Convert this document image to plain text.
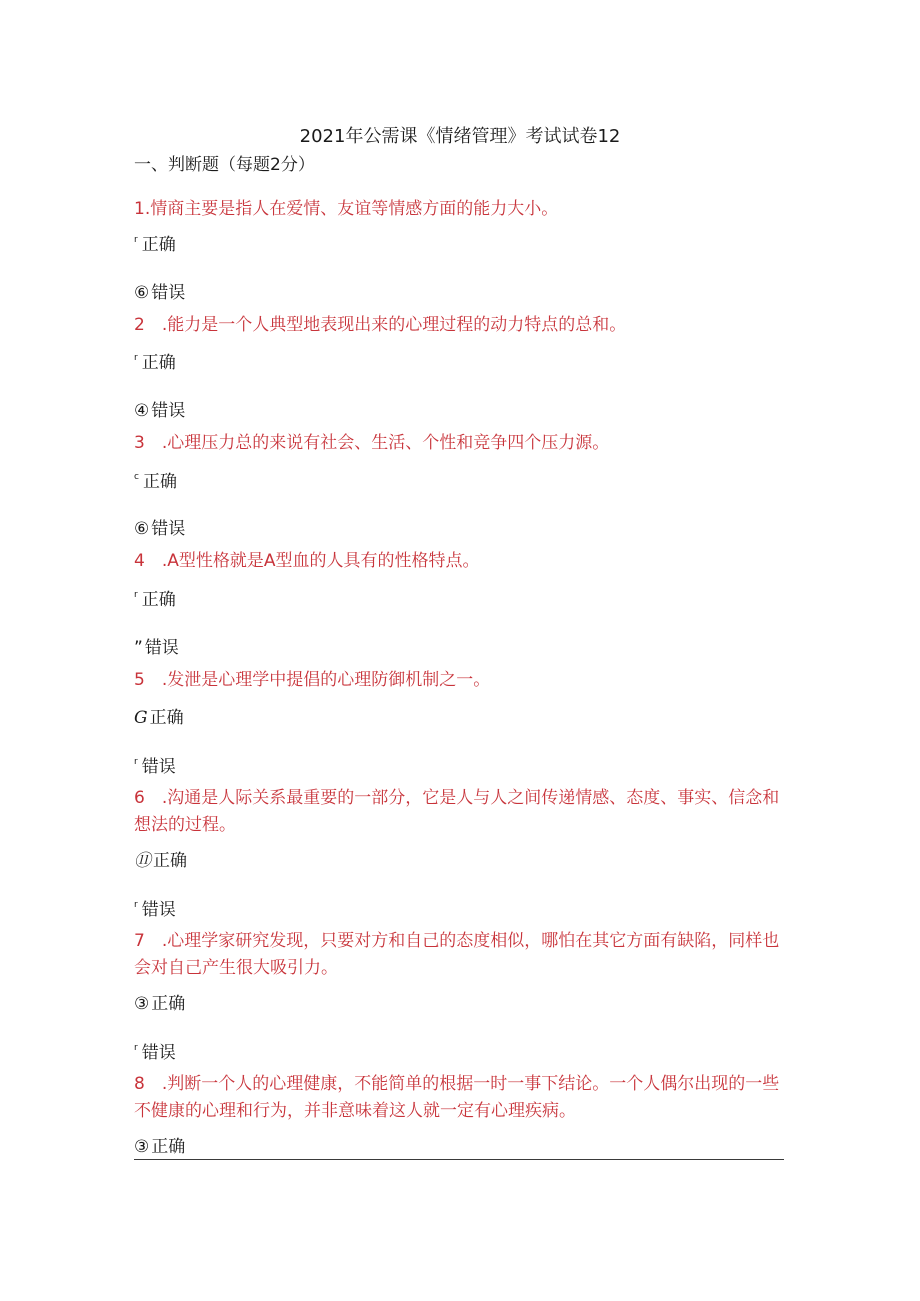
2021年公需课《情绪管理》考试试卷12
一、判断题（每题2分）
1.情商主要是指人在爱情、友谊等情感方面的能力大小。
r 正确
⑥ 错误
2　.能力是一个人典型地表现出来的心理过程的动力特点的总和。
r 正确
④ 错误
3　.心理压力总的来说有社会、生活、个性和竞争四个压力源。
c 正确
⑥ 错误
4　.A型性格就是A型血的人具有的性格特点。
r 正确
” 错误
5　.发泄是心理学中提倡的心理防御机制之一。
G 正确
r 错误
6　.沟通是人际关系最重要的一部分，它是人与人之间传递情感、态度、事实、信念和想法的过程。
⑪ 正确
r 错误
7　.心理学家研究发现，只要对方和自己的态度相似，哪怕在其它方面有缺陷，同样也会对自己产生很大吸引力。
③ 正确
r 错误
8　.判断一个人的心理健康，不能简单的根据一时一事下结论。一个人偶尔出现的一些不健康的心理和行为，并非意味着这人就一定有心理疾病。
③ 正确
